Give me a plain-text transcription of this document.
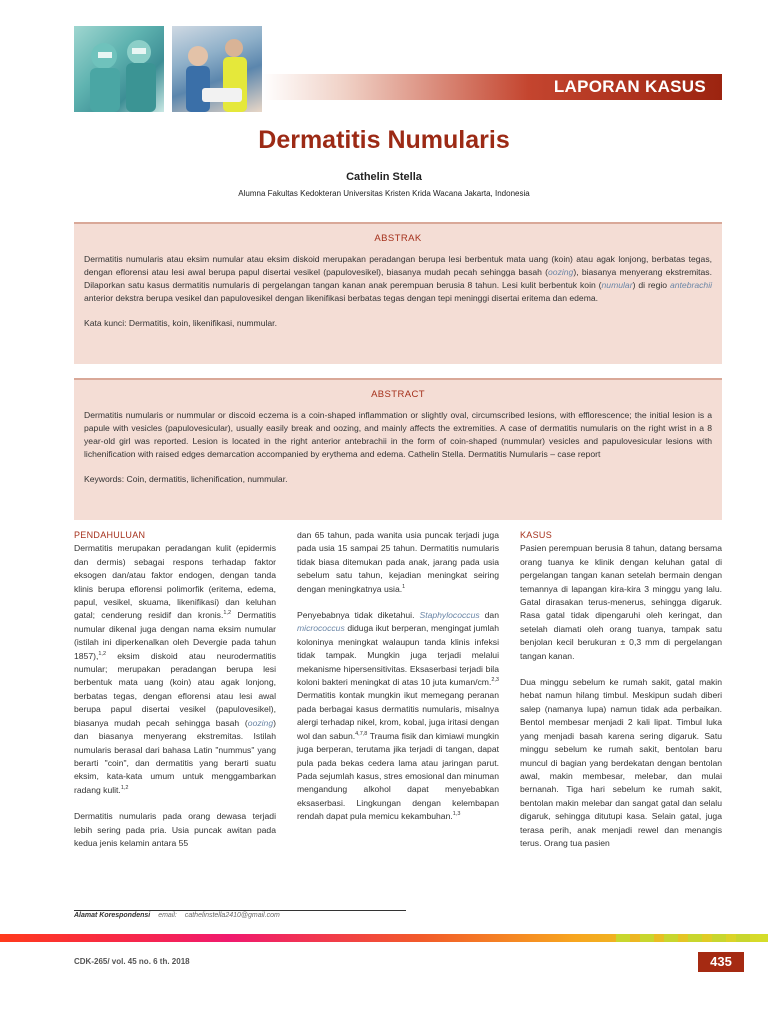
LAPORAN KASUS
Dermatitis Numularis
Cathelin Stella
Alumna Fakultas Kedokteran Universitas Kristen Krida Wacana Jakarta, Indonesia
ABSTRAK

Dermatitis numularis atau eksim numular atau eksim diskoid merupakan peradangan berupa lesi berbentuk mata uang (koin) atau agak lonjong, berbatas tegas, dengan eflorensi atau lesi awal berupa papul disertai vesikel (papulovesikel), biasanya mudah pecah sehingga basah (oozing), biasanya menyerang ekstremitas. Dilaporkan satu kasus dermatitis numularis di pergelangan tangan kanan anak perempuan berusia 8 tahun. Lesi kulit berbentuk koin (numular) di regio antebrachii anterior dekstra berupa vesikel dan papulovesikel dengan likenifikasi berbatas tegas dengan tepi meninggi disertai eritema dan edema.

Kata kunci: Dermatitis, koin, likenifikasi, nummular.

ABSTRACT

Dermatitis numularis or nummular or discoid eczema is a coin-shaped inflammation or slightly oval, circumscribed lesions, with efflorescence; the initial lesion is a papule with vesicles (papulovesicular), usually easily break and oozing, and mainly affects the extremities. A case of dermatitis numularis on the right wrist in a 8 year-old girl was reported. Lesion is located in the right anterior antebrachii in the form of coin-shaped (nummular) vesicles and papulovesicular lesions with lichenification with raised edges demarcation accompanied by erythema and edema. Cathelin Stella. Dermatitis Numularis – case report

Keywords: Coin, dermatitis, lichenification, nummular.

PENDAHULUAN

Dermatitis merupakan peradangan kulit (epidermis dan dermis) sebagai respons terhadap faktor eksogen dan/atau faktor endogen, dengan tanda klinis berupa eflorensi polimorfik (eritema, edema, papul, vesikel, skuama, likenifikasi) dan keluhan gatal; cenderung residif dan kronis.$^{1,2}$ Dermatitis numular dikenal juga dengan nama eksim numular (istilah ini diperkenalkan oleh Devergie pada tahun 1857),$^{1,2}$ eksim diskoid atau neurodermatitis numular; merupakan peradangan berupa lesi berbentuk mata uang (koin) atau agak lonjong, berbatas tegas, dengan eflorensi atau lesi awal berupa papul disertai vesikel (papulovesikel), biasanya mudah pecah sehingga basah (oozing) dan biasanya menyerang ekstremitas. Istilah numularis berasal dari bahasa Latin "nummus" yang berarti "coin", dan dermatitis yang berarti suatu eksim, kata-kata umum untuk menggambarkan radang kulit.$^{1,2}$

Dermatitis numularis pada orang dewasa terjadi lebih sering pada pria. Usia puncak awitan pada kedua jenis kelamin antara 55

dan 65 tahun, pada wanita usia puncak terjadi juga pada usia 15 sampai 25 tahun. Dermatitis numularis tidak biasa ditemukan pada anak, jarang pada usia sebelum satu tahun, kejadian meningkat seiring dengan meningkatnya usia.$^1$

Penyebabnya tidak diketahui. Staphylococcus dan micrococcus diduga ikut berperan, mengingat jumlah koloninya meningkat walaupun tanda klinis infeksi tidak tampak. Mungkin juga terjadi melalui mekanisme hipersensitivitas. Eksaserbasi terjadi bila koloni bakteri meningkat di atas 10 juta kuman/cm.$^{2,3}$ Dermatitis kontak mungkin ikut memegang peranan pada berbagai kasus dermatitis numularis, misalnya alergi terhadap nikel, krom, kobal, juga iritasi dengan wol dan sabun.$^{4,7,8}$ Trauma fisik dan kimiawi mungkin juga berperan, terutama jika terjadi di tangan, dapat pula pada bekas cedera lama atau jaringan parut. Pada sejumlah kasus, stres emosional dan minuman mengandung alkohol dapat menyebabkan eksaserbasi. Lingkungan dengan kelembapan rendah dapat pula memicu kekambuhan.$^{1,3}$

KASUS

Pasien perempuan berusia 8 tahun, datang bersama orang tuanya ke klinik dengan keluhan gatal di pergelangan tangan kanan setelah bermain dengan temannya di lapangan kira-kira 3 minggu yang lalu. Gatal dirasakan terus-menerus, sehingga digaruk. Rasa gatal tidak dipengaruhi oleh keringat, dan setelah diamati oleh orang tuanya, tampak satu benjolan kecil berukuran ± 0,3 mm di pergelangan tangan kanan.

Dua minggu sebelum ke rumah sakit, gatal makin hebat namun hilang timbul. Meskipun sudah diberi salep (namanya lupa) namun tidak ada perbaikan. Bentol membesar menjadi 2 kali lipat. Timbul luka yang menjadi basah karena sering digaruk. Satu minggu sebelum ke rumah sakit, bentolan baru muncul di bagian yang berdekatan dengan bentolan awal, makin membesar, melebar, dan mulai bernanah. Tiga hari sebelum ke rumah sakit, bentolan makin melebar dan sangat gatal dan selalu digaruk, sehingga ditutupi kasa. Selain gatal, juga terasa perih, anak menjadi rewel dan menangis terus. Orang tua pasien

Alamat Korespondensi email: cathelinstella2410@gmail.com
CDK-265/ vol. 45 no. 6 th. 2018	435
